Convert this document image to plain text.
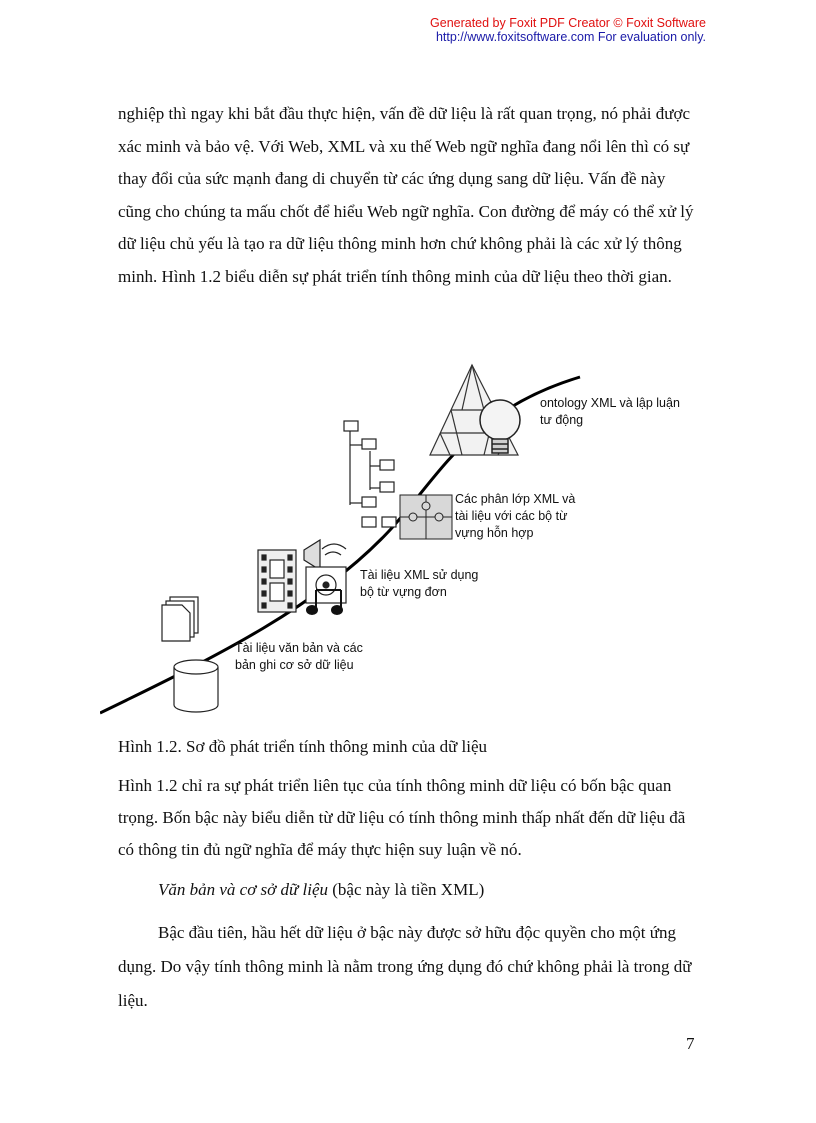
Generated by Foxit PDF Creator © Foxit Software
http://www.foxitsoftware.com For evaluation only.

nghiệp thì ngay khi bắt đầu thực hiện, vấn đề dữ liệu là rất quan trọng, nó phải được xác minh và bảo vệ. Với Web, XML và xu thế Web ngữ nghĩa đang nổi lên thì có sự thay đổi của sức mạnh đang di chuyển từ các ứng dụng sang dữ liệu. Vấn đề này cũng cho chúng ta mấu chốt để hiểu Web ngữ nghĩa. Con đường để máy có thể xử lý dữ liệu chủ yếu là tạo ra dữ liệu thông minh hơn chứ không phải là các xử lý thông minh. Hình 1.2 biểu diễn sự phát triển tính thông minh của dữ liệu theo thời gian.

ontology XML và lập luận
tư động
Các phân lớp XML và
tài liệu với các bộ từ
vựng hỗn hợp
Tài liệu XML sử dụng
bộ từ vựng đơn
Tài liệu văn bản và các
bản ghi cơ sở dữ liệu

Hình 1.2. Sơ đồ phát triển tính thông minh của dữ liệu

Hình 1.2 chỉ ra sự phát triển liên tục của tính thông minh dữ liệu có bốn bậc quan trọng. Bốn bậc này biểu diễn từ dữ liệu có tính thông minh thấp nhất đến dữ liệu đã có thông tin đủ ngữ nghĩa để máy thực hiện suy luận về nó.

Văn bản và cơ sở dữ liệu (bậc này là tiền XML)

Bậc đầu tiên, hầu hết dữ liệu ở bậc này được sở hữu độc quyền cho một ứng dụng. Do vậy tính thông minh là nằm trong ứng dụng đó chứ không phải là trong dữ liệu.

7
